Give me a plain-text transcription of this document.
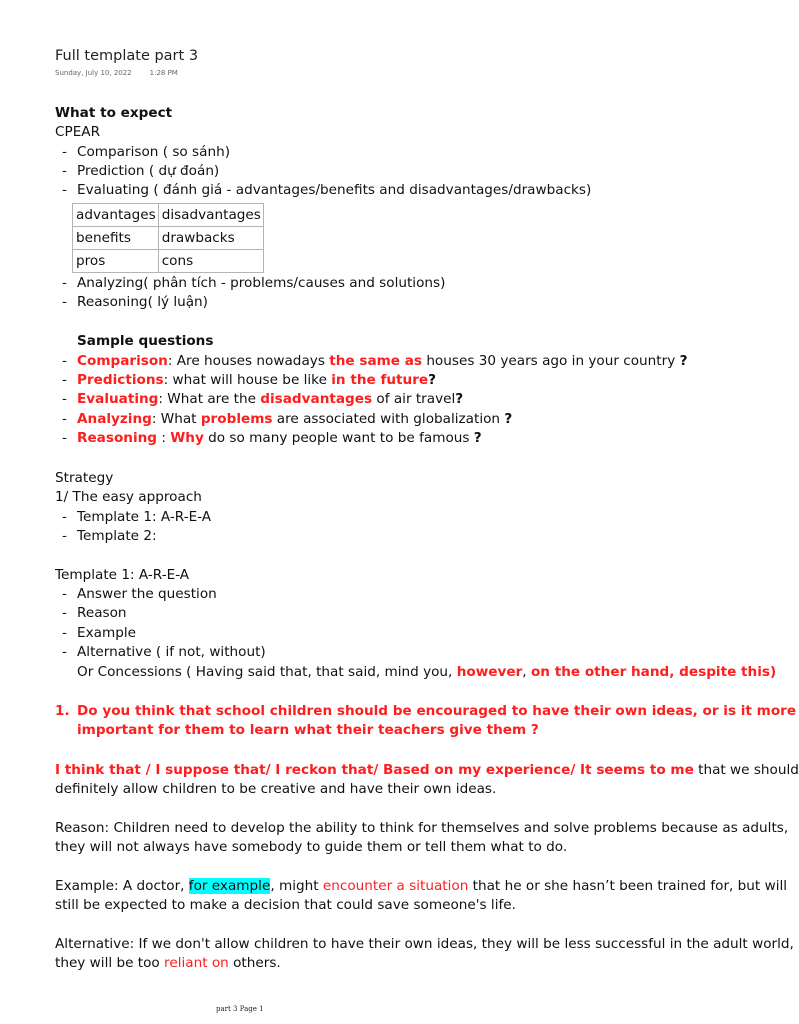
Full template part 3
Sunday, July 10, 2022	1:28 PM
What to expect
CPEAR
- Comparison ( so sánh)
- Prediction ( dự đoán)
- Evaluating ( đánh giá - advantages/benefits and disadvantages/drawbacks)
advantages	disadvantages
benefits	drawbacks
pros	cons
- Analyzing( phân tích - problems/causes and solutions)
- Reasoning( lý luận)
Sample questions
- Comparison: Are houses nowadays the same as houses 30 years ago in your country ?
- Predictions: what will house be like in the future?
- Evaluating: What are the disadvantages of air travel?
- Analyzing: What problems are associated with globalization ?
- Reasoning : Why do so many people want to be famous ?
Strategy
1/ The easy approach
- Template 1: A-R-E-A
- Template 2:
Template 1: A-R-E-A
- Answer the question
- Reason
- Example
- Alternative ( if not, without)
Or Concessions ( Having said that, that said, mind you, however, on the other hand, despite this)
1. Do you think that school children should be encouraged to have their own ideas, or is it more
important for them to learn what their teachers give them ?
I think that / I suppose that/ I reckon that/ Based on my experience/ It seems to me that we should
definitely allow children to be creative and have their own ideas.
Reason: Children need to develop the ability to think for themselves and solve problems because as adults,
they will not always have somebody to guide them or tell them what to do.
Example: A doctor, for example, might encounter a situation that he or she hasn’t been trained for, but will
still be expected to make a decision that could save someone's life.
Alternative: If we don't allow children to have their own ideas, they will be less successful in the adult world,
they will be too reliant on others.
part 3 Page 1
